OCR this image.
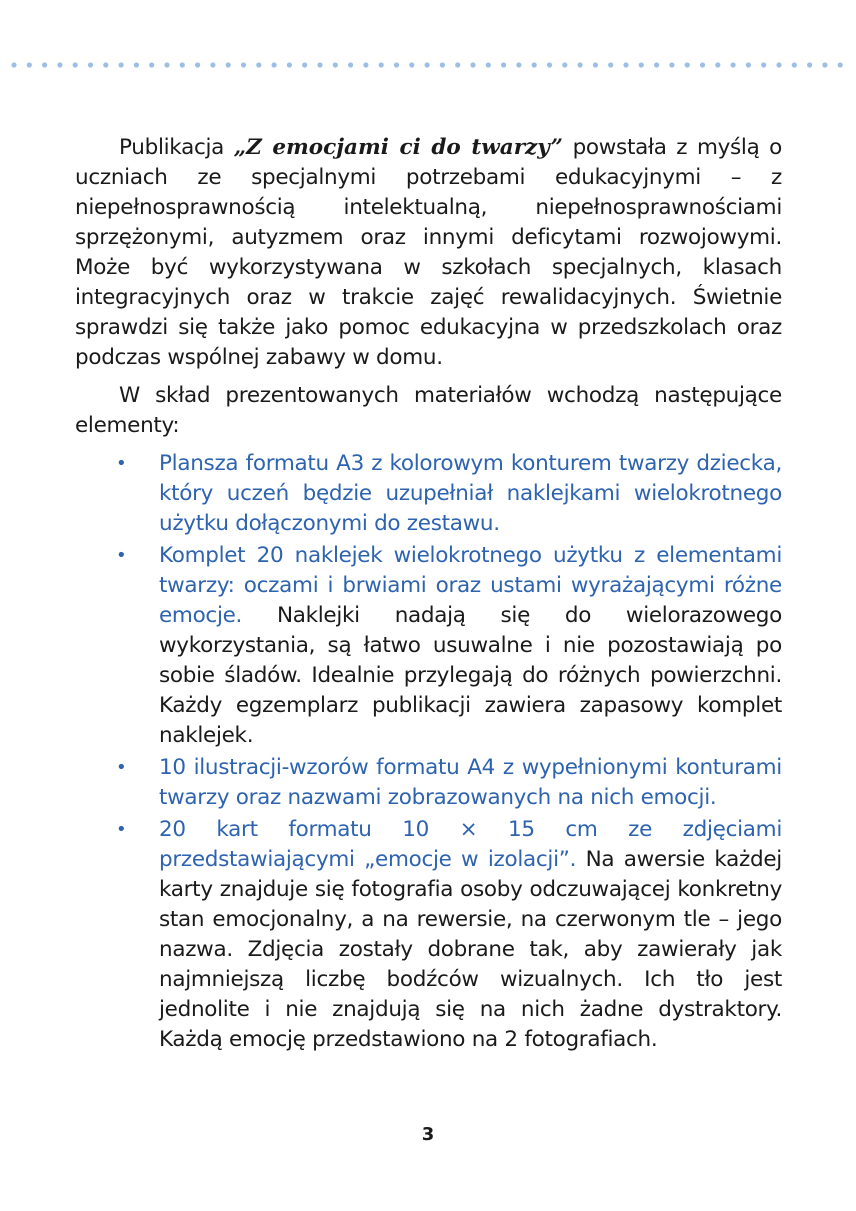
Publikacja „Z emocjami ci do twarzy” powstała z myślą o uczniach ze specjalnymi potrzebami edukacyjnymi – z niepełnosprawnością intelektualną, niepełnosprawnościami sprzężonymi, autyzmem oraz innymi deficytami rozwojowymi. Może być wykorzystywana w szkołach specjalnych, klasach integracyjnych oraz w trakcie zajęć rewalidacyjnych. Świetnie sprawdzi się także jako pomoc edukacyjna w przedszkolach oraz podczas wspólnej zabawy w domu.

W skład prezentowanych materiałów wchodzą następujące elementy:

• Plansza formatu A3 z kolorowym konturem twarzy dziecka, który uczeń będzie uzupełniał naklejkami wielokrotnego użytku dołączonymi do zestawu.
• Komplet 20 naklejek wielokrotnego użytku z elementami twarzy: oczami i brwiami oraz ustami wyrażającymi różne emocje. Naklejki nadają się do wielorazowego wykorzystania, są łatwo usuwalne i nie pozostawiają po sobie śladów. Idealnie przylegają do różnych powierzchni. Każdy egzemplarz publikacji zawiera zapasowy komplet naklejek.
• 10 ilustracji-wzorów formatu A4 z wypełnionymi konturami twarzy oraz nazwami zobrazowanych na nich emocji.
• 20 kart formatu 10 × 15 cm ze zdjęciami przedstawiającymi „emocje w izolacji”. Na awersie każdej karty znajduje się fotografia osoby odczuwającej konkretny stan emocjonalny, a na rewersie, na czerwonym tle – jego nazwa. Zdjęcia zostały dobrane tak, aby zawierały jak najmniejszą liczbę bodźców wizualnych. Ich tło jest jednolite i nie znajdują się na nich żadne dystraktory. Każdą emocję przedstawiono na 2 fotografiach.
3
